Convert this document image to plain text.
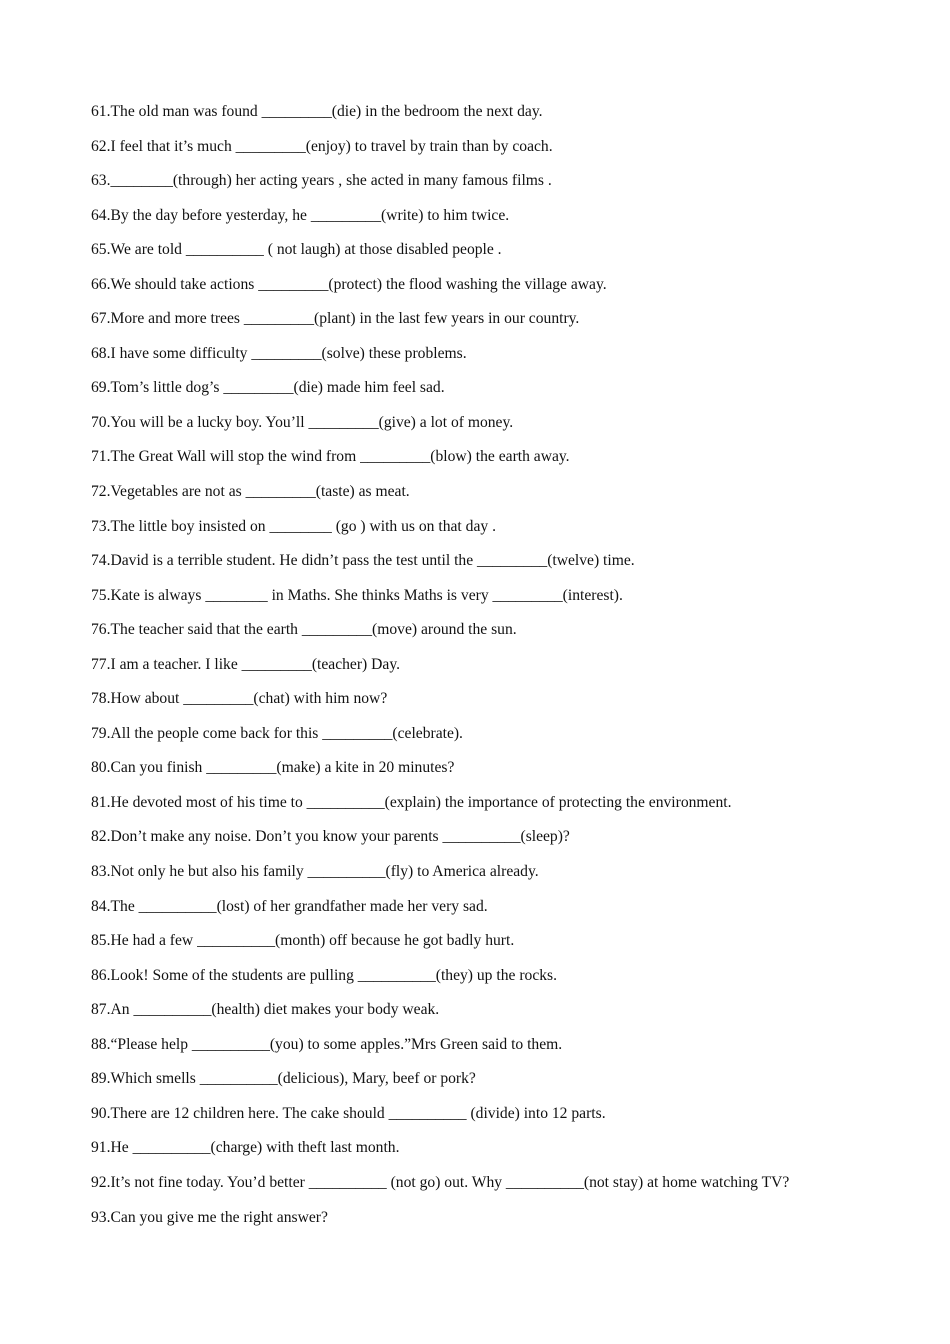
61.The old man was found _________(die) in the bedroom the next day.
62.I feel that it’s much _________(enjoy) to travel by train than by coach.
63.________(through) her acting years , she acted in many famous films .
64.By the day before yesterday, he _________(write) to him twice.
65.We are told __________ ( not laugh) at those disabled people .
66.We should take actions _________(protect) the flood washing the village away.
67.More and more trees _________(plant) in the last few years in our country.
68.I have some difficulty _________(solve) these problems.
69.Tom’s little dog’s _________(die) made him feel sad.
70.You will be a lucky boy. You’ll _________(give) a lot of money.
71.The Great Wall will stop the wind from _________(blow) the earth away.
72.Vegetables are not as _________(taste) as meat.
73.The little boy insisted on ________ (go ) with us on that day .
74.David is a terrible student. He didn’t pass the test until the _________(twelve) time.
75.Kate is always ________ in Maths. She thinks Maths is very _________(interest).
76.The teacher said that the earth _________(move) around the sun.
77.I am a teacher. I like _________(teacher) Day.
78.How about _________(chat) with him now?
79.All the people come back for this _________(celebrate).
80.Can you finish _________(make) a kite in 20 minutes?
81.He devoted most of his time to __________(explain) the importance of protecting the environment.
82.Don’t make any noise. Don’t you know your parents __________(sleep)?
83.Not only he but also his family __________(fly) to America already.
84.The __________(lost) of her grandfather made her very sad.
85.He had a few __________(month) off because he got badly hurt.
86.Look! Some of the students are pulling __________(they) up the rocks.
87.An __________(health) diet makes your body weak.
88.“Please help __________(you) to some apples.”Mrs Green said to them.
89.Which smells __________(delicious), Mary, beef or pork?
90.There are 12 children here. The cake should __________ (divide) into 12 parts.
91.He __________(charge) with theft last month.
92.It’s not fine today. You’d better __________ (not go) out. Why __________(not stay) at home watching TV?
93.Can you give me the right answer?
